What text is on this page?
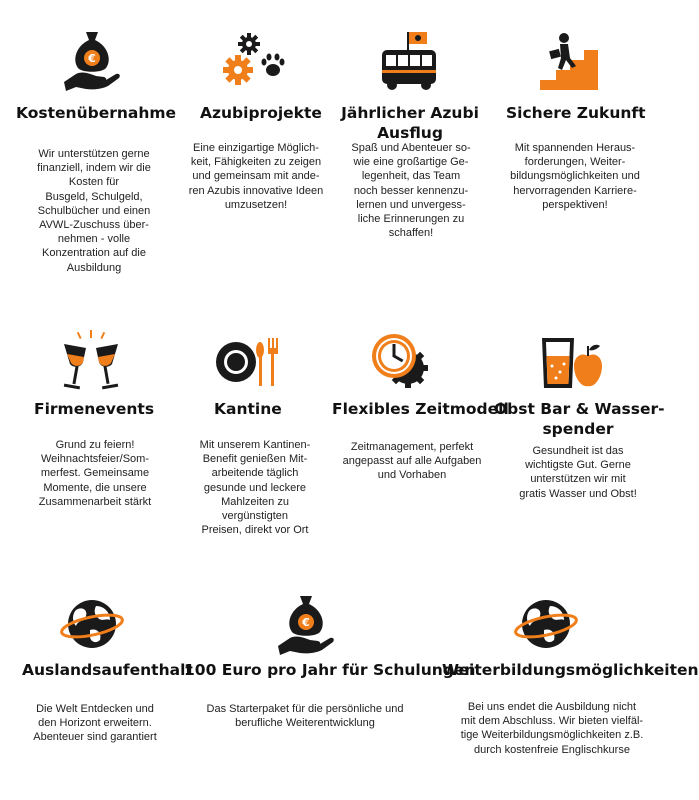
€
Kostenübernahme
Wir unterstützen gerne
finanziell, indem wir die
Kosten für
Busgeld, Schulgeld,
Schulbücher und einen
AVWL-Zuschuss über-
nehmen - volle
Konzentration auf die
Ausbildung
Azubiprojekte
Eine einzigartige Möglich-
keit, Fähigkeiten zu zeigen
und gemeinsam mit ande-
ren Azubis innovative Ideen
umzusetzen!
Jährlicher Azubi
Ausflug
Spaß und Abenteuer so-
wie eine großartige Ge-
legenheit, das Team
noch besser kennenzu-
lernen und unvergess-
liche Erinnerungen zu
schaffen!
Sichere Zukunft
Mit spannenden Heraus-
forderungen, Weiter-
bildungsmöglichkeiten und
hervorragenden Karriere-
perspektiven!
Firmenevents
Grund zu feiern!
Weihnachtsfeier/Som-
merfest. Gemeinsame
Momente, die unsere
Zusammenarbeit stärkt
Kantine
Mit unserem Kantinen-
Benefit genießen Mit-
arbeitende täglich
gesunde und leckere
Mahlzeiten zu
vergünstigten
Preisen, direkt vor Ort
Flexibles Zeitmodell
Zeitmanagement, perfekt
angepasst auf alle Aufgaben
und Vorhaben
Obst Bar & Wasser-
spender
Gesundheit ist das
wichtigste Gut. Gerne
unterstützen wir mit
gratis Wasser und Obst!
Auslandsaufenthalt
Die Welt Entdecken und
den Horizont erweitern.
Abenteuer sind garantiert
€
100 Euro pro Jahr für Schulungen
Das Starterpaket für die persönliche und
berufliche Weiterentwicklung
Weiterbildungsmöglichkeiten
Bei uns endet die Ausbildung nicht
mit dem Abschluss. Wir bieten vielfäl-
tige Weiterbildungsmöglichkeiten z.B.
durch kostenfreie Englischkurse
